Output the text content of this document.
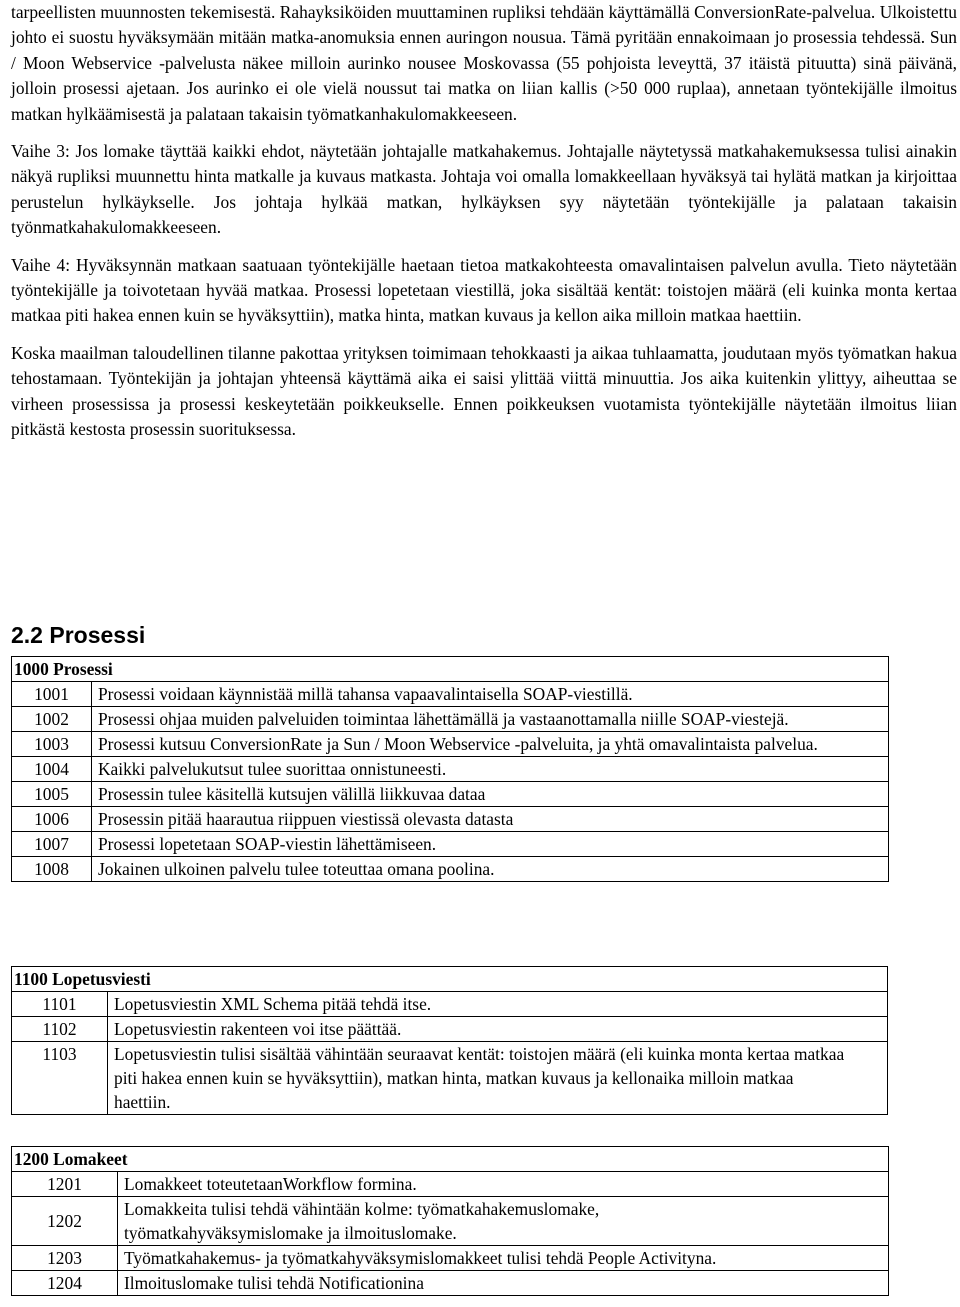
tarpeellisten muunnosten tekemisestä. Rahayksiköiden muuttaminen rupliksi tehdään käyttämällä ConversionRate-palvelua. Ulkoistettu johto ei suostu hyväksymään mitään matka-anomuksia ennen auringon nousua. Tämä pyritään ennakoimaan jo prosessia tehdessä. Sun / Moon Webservice -palvelusta näkee milloin aurinko nousee Moskovassa (55 pohjoista leveyttä, 37 itäistä pituutta) sinä päivänä, jolloin prosessi ajetaan. Jos aurinko ei ole vielä noussut tai matka on liian kallis (>50 000 ruplaa), annetaan työntekijälle ilmoitus matkan hylkäämisestä ja palataan takaisin työmatkanhakulomakkeeseen.

Vaihe 3: Jos lomake täyttää kaikki ehdot, näytetään johtajalle matkahakemus. Johtajalle näytetyssä matkahakemuksessa tulisi ainakin näkyä rupliksi muunnettu hinta matkalle ja kuvaus matkasta. Johtaja voi omalla lomakkeellaan hyväksyä tai hylätä matkan ja kirjoittaa perustelun hylkäykselle. Jos johtaja hylkää matkan, hylkäyksen syy näytetään työntekijälle ja palataan takaisin työnmatkahakulomakkeeseen.

Vaihe 4: Hyväksynnän matkaan saatuaan työntekijälle haetaan tietoa matkakohteesta omavalintaisen palvelun avulla. Tieto näytetään työntekijälle ja toivotetaan hyvää matkaa. Prosessi lopetetaan viestillä, joka sisältää kentät: toistojen määrä (eli kuinka monta kertaa matkaa piti hakea ennen kuin se hyväksyttiin), matka hinta, matkan kuvaus ja kellon aika milloin matkaa haettiin.

Koska maailman taloudellinen tilanne pakottaa yrityksen toimimaan tehokkaasti ja aikaa tuhlaamatta, joudutaan myös työmatkan hakua tehostamaan. Työntekijän ja johtajan yhteensä käyttämä aika ei saisi ylittää viittä minuuttia. Jos aika kuitenkin ylittyy, aiheuttaa se virheen prosessissa ja prosessi keskeytetään poikkeukselle. Ennen poikkeuksen vuotamista työntekijälle näytetään ilmoitus liian pitkästä kestosta prosessin suorituksessa.

2.2 Prosessi
1000 Prosessi	
1001	Prosessi voidaan käynnistää millä tahansa vapaavalintaisella SOAP-viestillä.
1002	Prosessi ohjaa muiden palveluiden toimintaa lähettämällä ja vastaanottamalla niille SOAP-viestejä.
1003	Prosessi kutsuu ConversionRate ja Sun / Moon Webservice -palveluita, ja yhtä omavalintaista palvelua.
1004	Kaikki palvelukutsut tulee suorittaa onnistuneesti.
1005	Prosessin tulee käsitellä kutsujen välillä liikkuvaa dataa
1006	Prosessin pitää haarautua riippuen viestissä olevasta datasta
1007	Prosessi lopetetaan SOAP-viestin lähettämiseen.
1008	Jokainen ulkoinen palvelu tulee toteuttaa omana poolina.
1100 Lopetusviesti	
1101	Lopetusviestin XML Schema pitää tehdä itse.
1102	Lopetusviestin rakenteen voi itse päättää.
1103	Lopetusviestin tulisi sisältää vähintään seuraavat kentät: toistojen määrä (eli kuinka monta kertaa matkaa piti hakea ennen kuin se hyväksyttiin), matkan hinta, matkan kuvaus ja kellonaika milloin matkaa haettiin.
1200 Lomakeet	
1201	Lomakkeet toteutetaanWorkflow formina.
1202	Lomakkeita tulisi tehdä vähintään kolme: työmatkahakemuslomake, työmatkahyväksymislomake ja ilmoituslomake.
1203	Työmatkahakemus- ja työmatkahyväksymislomakkeet tulisi tehdä People Activityna.
1204	Ilmoituslomake tulisi tehdä Notificationina
